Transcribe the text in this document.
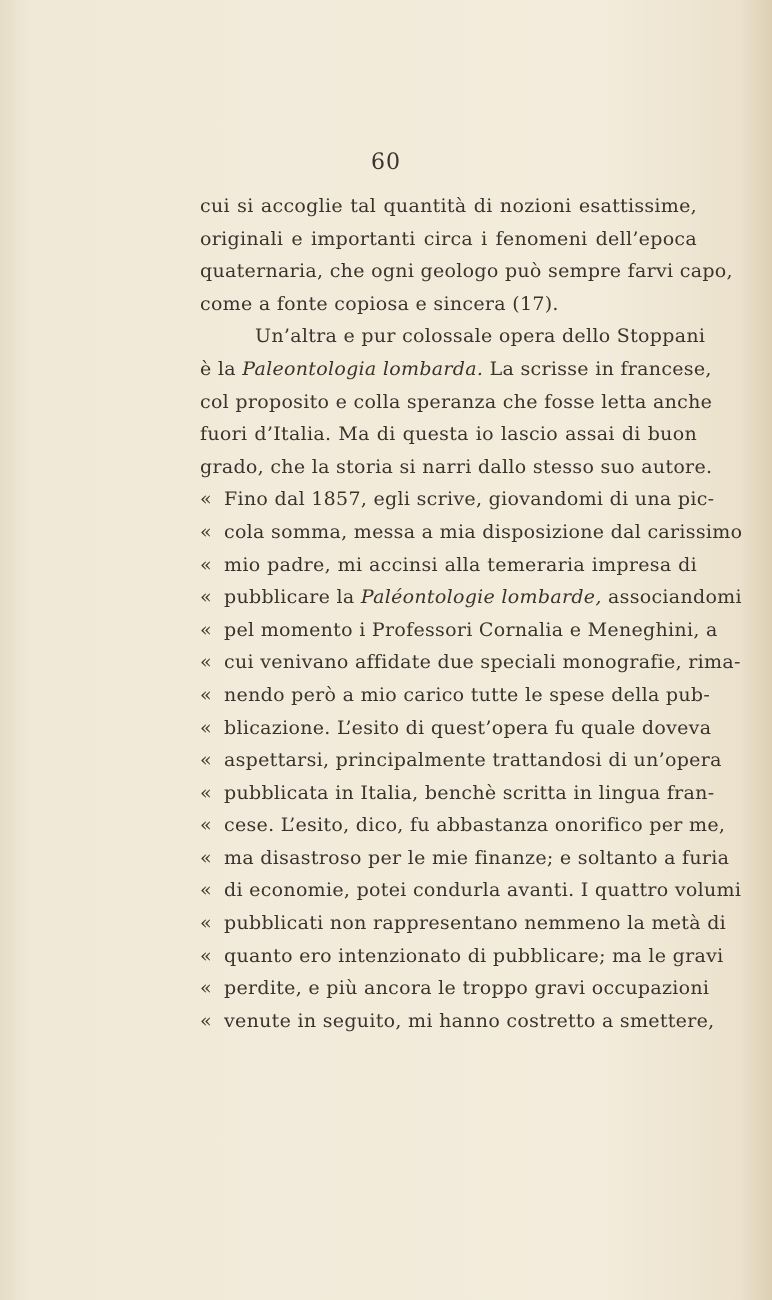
60
cui si accoglie tal quantità di nozioni esattissime,
originali e importanti circa i fenomeni dell’epoca
quaternaria, che ogni geologo può sempre farvi capo,
come a fonte copiosa e sincera (17).
Un’altra e pur colossale opera dello Stoppani
è la Paleontologia lombarda. La scrisse in francese,
col proposito e colla speranza che fosse letta anche
fuori d’Italia. Ma di questa io lascio assai di buon
grado, che la storia si narri dallo stesso suo autore.
« Fino dal 1857, egli scrive, giovandomi di una pic-
« cola somma, messa a mia disposizione dal carissimo
« mio padre, mi accinsi alla temeraria impresa di
« pubblicare la Paléontologie lombarde, associandomi
« pel momento i Professori Cornalia e Meneghini, a
« cui venivano affidate due speciali monografie, rima-
« nendo però a mio carico tutte le spese della pub-
« blicazione. L’esito di quest’opera fu quale doveva
« aspettarsi, principalmente trattandosi di un’opera
« pubblicata in Italia, benchè scritta in lingua fran-
« cese. L’esito, dico, fu abbastanza onorifico per me,
« ma disastroso per le mie finanze; e soltanto a furia
« di economie, potei condurla avanti. I quattro volumi
« pubblicati non rappresentano nemmeno la metà di
« quanto ero intenzionato di pubblicare; ma le gravi
« perdite, e più ancora le troppo gravi occupazioni
« venute in seguito, mi hanno costretto a smettere,
